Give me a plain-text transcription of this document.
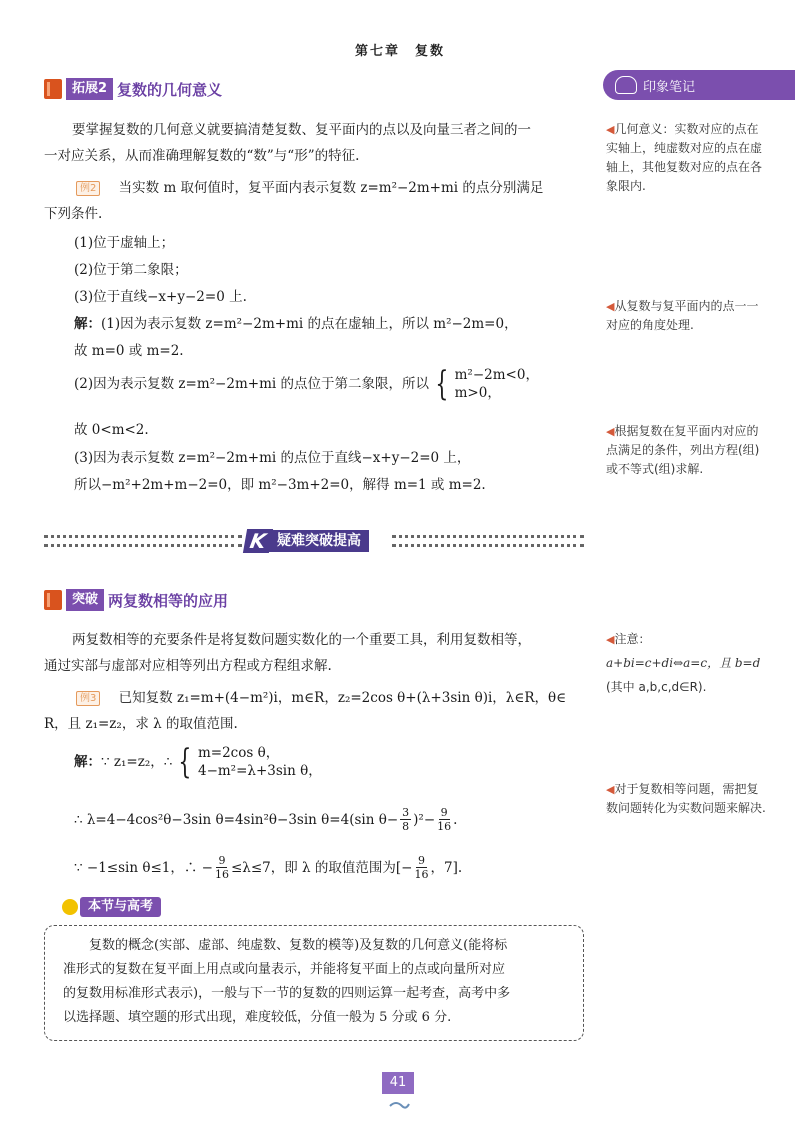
第七章　复数
拓展2 复数的几何意义	印象笔记
要掌握复数的几何意义就要搞清楚复数、复平面内的点以及向量三者之间的一
一对应关系，从而准确理解复数的“数”与“形”的特征.
例2 当实数 m 取何值时，复平面内表示复数 z=m²−2m+mi 的点分别满足
下列条件.
(1)位于虚轴上；
(2)位于第二象限；
(3)位于直线−x+y−2=0 上.
解：(1)因为表示复数 z=m²−2m+mi 的点在虚轴上，所以 m²−2m=0，
故 m=0 或 m=2.
(2)因为表示复数 z=m²−2m+mi 的点位于第二象限，所以 { m²−2m<0，
m>0，
故 0<m<2.
(3)因为表示复数 z=m²−2m+mi 的点位于直线−x+y−2=0 上，
所以−m²+2m+m−2=0，即 m²−3m+2=0，解得 m=1 或 m=2.
◀几何意义：实数对应的点在实轴上，纯虚数对应的点在虚轴上，其他复数对应的点在各象限内.
◀从复数与复平面内的点一一对应的角度处理.
◀根据复数在复平面内对应的点满足的条件，列出方程(组)或不等式(组)求解.
K 疑难突破提高
突破 两复数相等的应用
两复数相等的充要条件是将复数问题实数化的一个重要工具，利用复数相等，
通过实部与虚部对应相等列出方程或方程组求解.
例3 已知复数 z₁=m+(4−m²)i，m∈R，z₂=2cos θ+(λ+3sin θ)i，λ∈R，θ∈
R，且 z₁=z₂，求 λ 的取值范围.
解： ∵ z₁=z₂，∴ { m=2cos θ，
4−m²=λ+3sin θ，
∴ λ=4−4cos²θ−3sin θ=4sin²θ−3sin θ=4 (sin $\theta- \frac{3}{8} )^2- \frac{9}{16}$ .
∵ −1≤sin θ≤1，∴ − $\frac{9}{16} \le\lambda\le 7$，即 λ 的取值范围为 [− $\frac{9}{16}$ ，7].
◀注意：
a+bi=c+di⇔a=c，且 b=d
(其中 a,b,c,d∈R).
◀对于复数相等问题，需把复数问题转化为实数问题来解决.
本节与高考
复数的概念(实部、虚部、纯虚数、复数的模等)及复数的几何意义(能将标
准形式的复数在复平面上用点或向量表示，并能将复平面上的点或向量所对应
的复数用标准形式表示)，一般与下一节的复数的四则运算一起考查，高考中多
以选择题、填空题的形式出现，难度较低，分值一般为 5 分或 6 分.
41
